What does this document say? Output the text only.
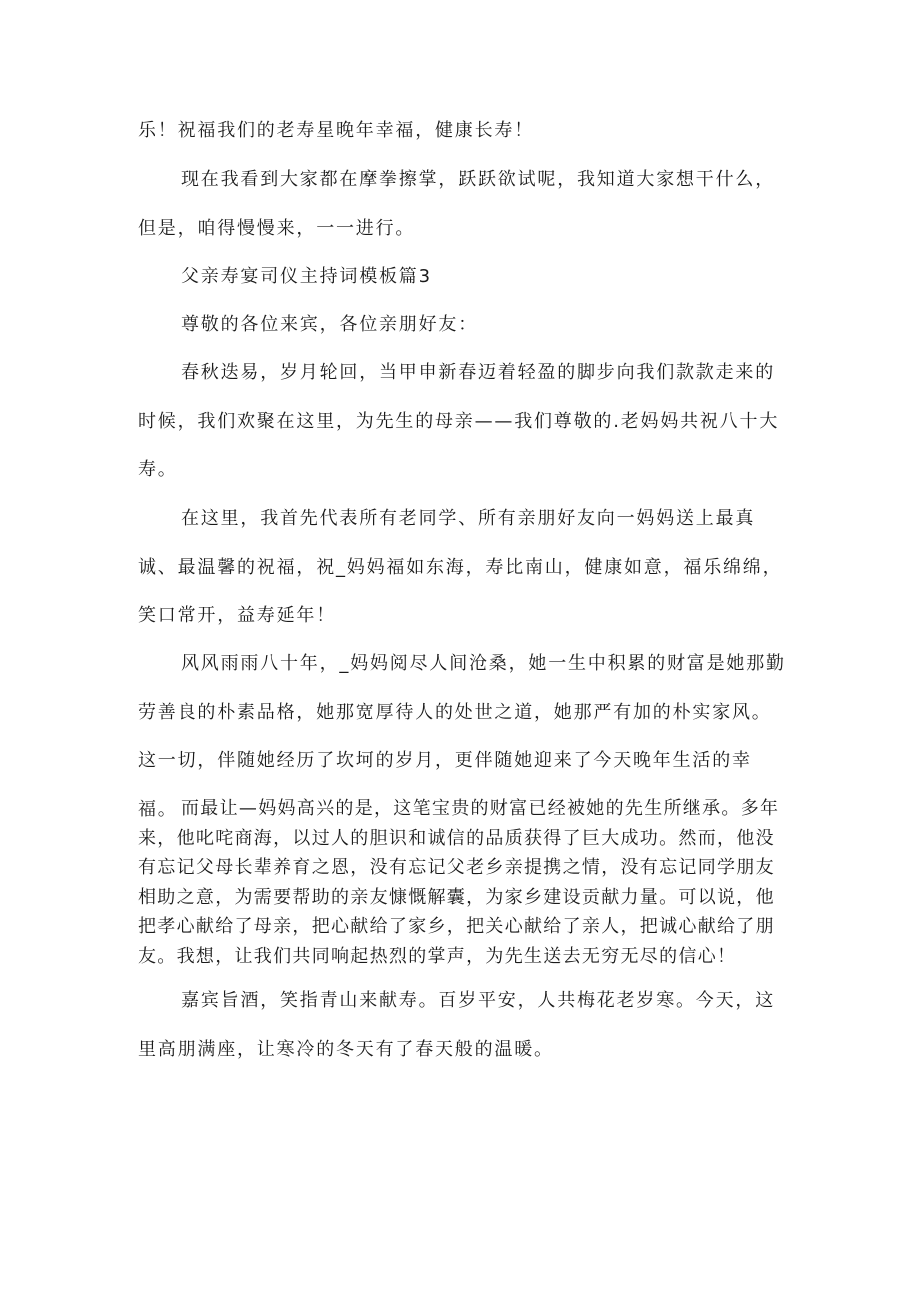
乐！祝福我们的老寿星晚年幸福，健康长寿！

现在我看到大家都在摩拳擦掌，跃跃欲试呢，我知道大家想干什么，但是，咱得慢慢来，一一进行。

父亲寿宴司仪主持词模板篇3

尊敬的各位来宾，各位亲朋好友：

春秋迭易，岁月轮回，当甲申新春迈着轻盈的脚步向我们款款走来的时候，我们欢聚在这里，为先生的母亲——我们尊敬的.老妈妈共祝八十大寿。

在这里，我首先代表所有老同学、所有亲朋好友向一妈妈送上最真诚、最温馨的祝福，祝_妈妈福如东海，寿比南山，健康如意，福乐绵绵，笑口常开，益寿延年！

风风雨雨八十年，_妈妈阅尽人间沧桑，她一生中积累的财富是她那勤劳善良的朴素品格，她那宽厚待人的处世之道，她那严有加的朴实家风。这一切，伴随她经历了坎坷的岁月，更伴随她迎来了今天晚年生活的幸福。 而最让—妈妈高兴的是，这笔宝贵的财富已经被她的先生所继承。多年来，他叱咤商海，以过人的胆识和诚信的品质获得了巨大成功。然而，他没有忘记父母长辈养育之恩，没有忘记父老乡亲提携之情，没有忘记同学朋友相助之意，为需要帮助的亲友慷慨解囊，为家乡建设贡献力量。可以说，他把孝心献给了母亲，把心献给了家乡，把关心献给了亲人，把诚心献给了朋友。我想，让我们共同响起热烈的掌声，为先生送去无穷无尽的信心！

嘉宾旨酒，笑指青山来献寿。百岁平安，人共梅花老岁寒。今天，这里高朋满座，让寒冷的冬天有了春天般的温暖。
